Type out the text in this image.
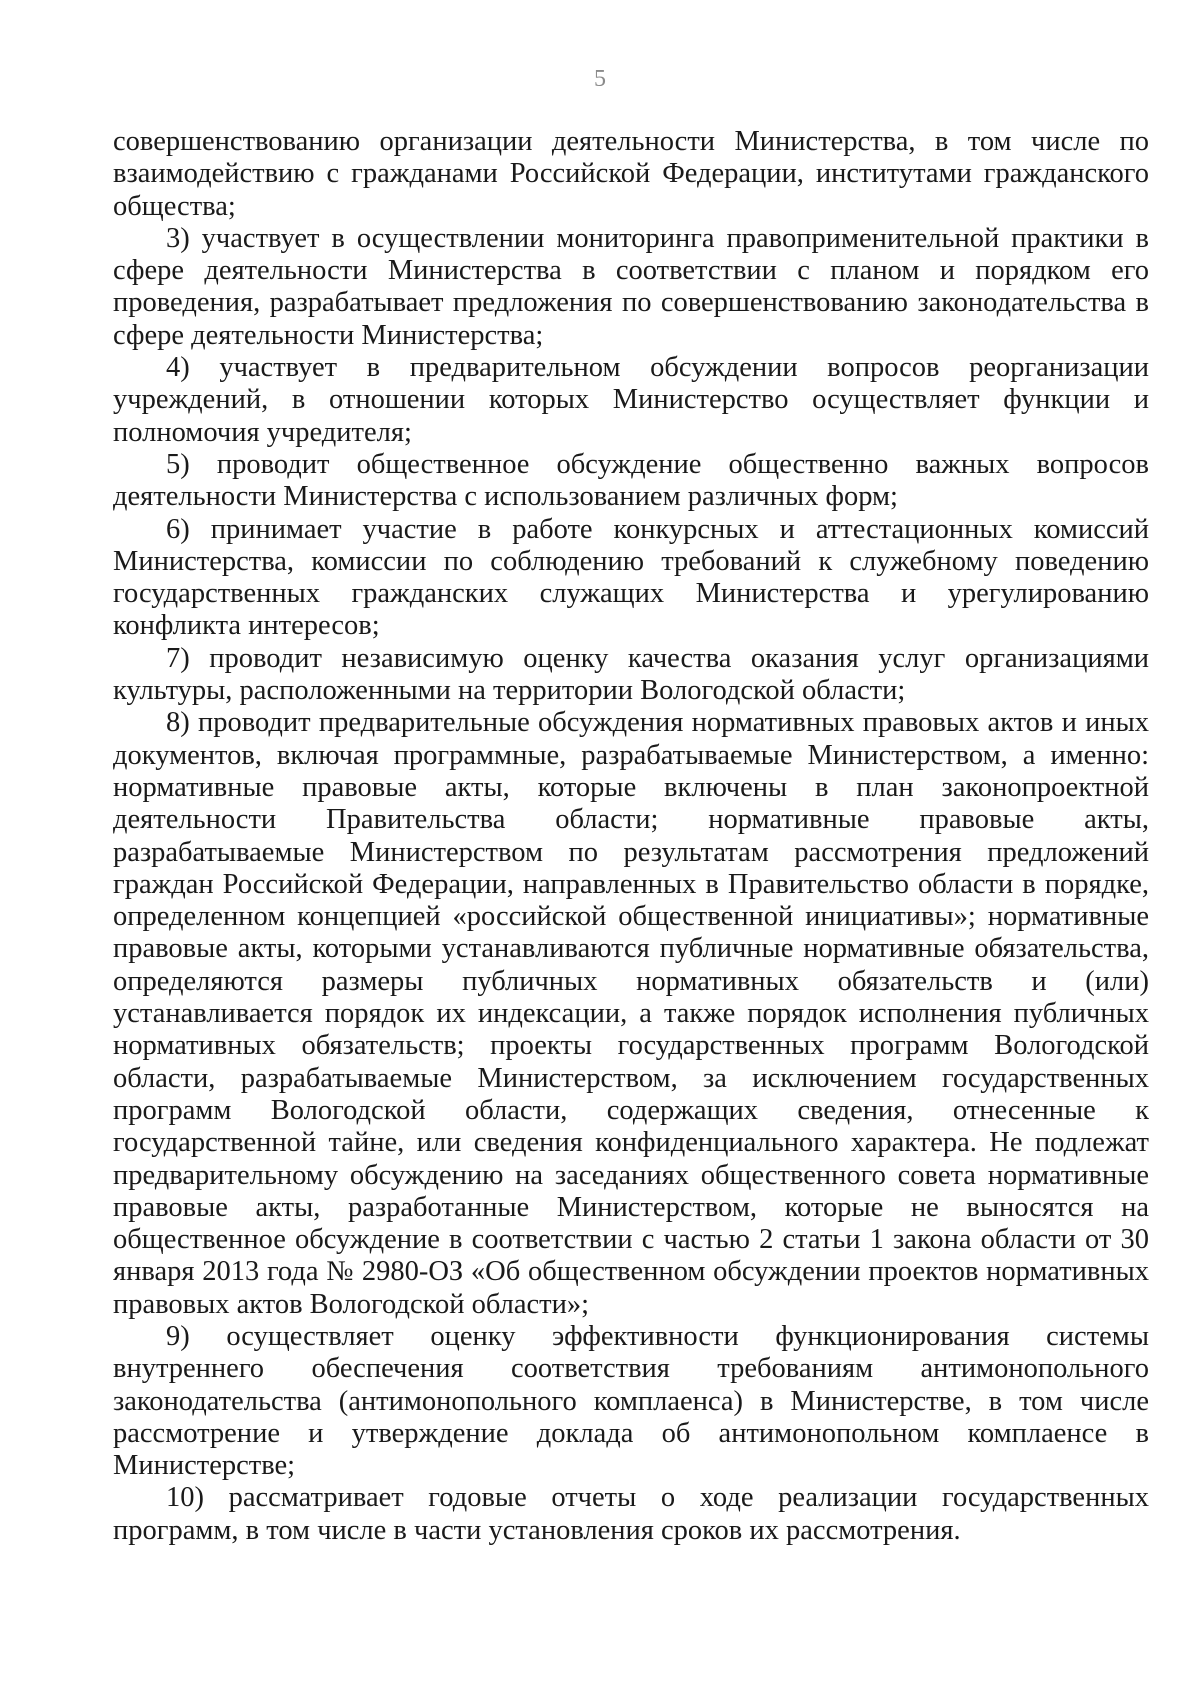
5

совершенствованию организации деятельности Министерства, в том числе по взаимодействию с гражданами Российской Федерации, институтами гражданского общества;

3) участвует в осуществлении мониторинга правоприменительной практики в сфере деятельности Министерства в соответствии с планом и порядком его проведения, разрабатывает предложения по совершенствованию законодательства в сфере деятельности Министерства;

4) участвует в предварительном обсуждении вопросов реорганизации учреждений, в отношении которых Министерство осуществляет функции и полномочия учредителя;

5) проводит общественное обсуждение общественно важных вопросов деятельности Министерства с использованием различных форм;

6) принимает участие в работе конкурсных и аттестационных комиссий Министерства, комиссии по соблюдению требований к служебному поведению государственных гражданских служащих Министерства и урегулированию конфликта интересов;

7) проводит независимую оценку качества оказания услуг организациями культуры, расположенными на территории Вологодской области;

8) проводит предварительные обсуждения нормативных правовых актов и иных документов, включая программные, разрабатываемые Министерством, а именно: нормативные правовые акты, которые включены в план законопроектной деятельности Правительства области; нормативные правовые акты, разрабатываемые Министерством по результатам рассмотрения предложений граждан Российской Федерации, направленных в Правительство области в порядке, определенном концепцией «российской общественной инициативы»; нормативные правовые акты, которыми устанавливаются публичные нормативные обязательства, определяются размеры публичных нормативных обязательств и (или) устанавливается порядок их индексации, а также порядок исполнения публичных нормативных обязательств; проекты государственных программ Вологодской области, разрабатываемые Министерством, за исключением государственных программ Вологодской области, содержащих сведения, отнесенные к государственной тайне, или сведения конфиденциального характера. Не подлежат предварительному обсуждению на заседаниях общественного совета нормативные правовые акты, разработанные Министерством, которые не выносятся на общественное обсуждение в соответствии с частью 2 статьи 1 закона области от 30 января 2013 года № 2980-ОЗ «Об общественном обсуждении проектов нормативных правовых актов Вологодской области»;

9) осуществляет оценку эффективности функционирования системы внутреннего обеспечения соответствия требованиям антимонопольного законодательства (антимонопольного комплаенса) в Министерстве, в том числе рассмотрение и утверждение доклада об антимонопольном комплаенсе в Министерстве;

10) рассматривает годовые отчеты о ходе реализации государственных программ, в том числе в части установления сроков их рассмотрения.
